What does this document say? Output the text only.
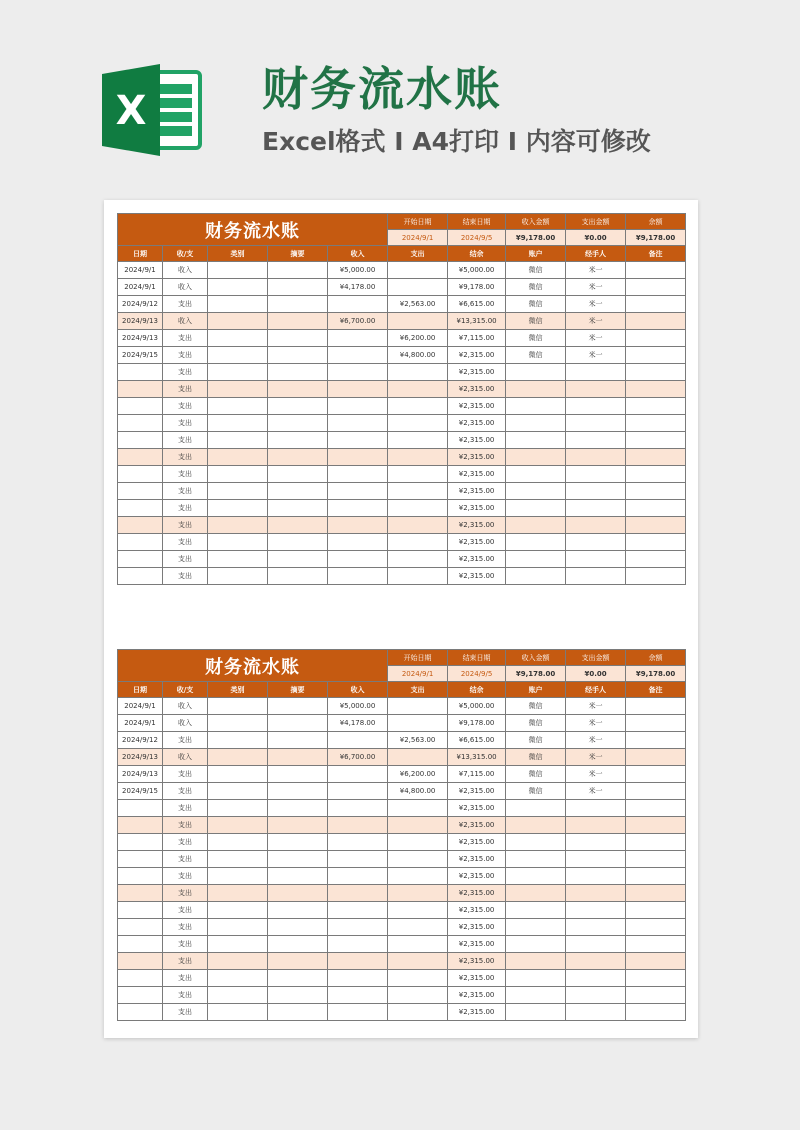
X	财务流水账
Excel格式 I A4打印 I 内容可修改
财务流水账					开始日期	结束日期	收入金额	支出金额	余额
					2024/9/1	2024/9/5	¥9,178.00	¥0.00	¥9,178.00
日期	收/支	类别	摘要	收入	支出	结余	账户	经手人	备注
2024/9/1	收入			¥5,000.00		¥5,000.00	微信	米一	
2024/9/1	收入			¥4,178.00		¥9,178.00	微信	米一	
2024/9/12	支出				¥2,563.00	¥6,615.00	微信	米一	
2024/9/13	收入			¥6,700.00		¥13,315.00	微信	米一	
2024/9/13	支出				¥6,200.00	¥7,115.00	微信	米一	
2024/9/15	支出				¥4,800.00	¥2,315.00	微信	米一	
	支出					¥2,315.00			
	支出					¥2,315.00			
	支出					¥2,315.00			
	支出					¥2,315.00			
	支出					¥2,315.00			
	支出					¥2,315.00			
	支出					¥2,315.00			
	支出					¥2,315.00			
	支出					¥2,315.00			
	支出					¥2,315.00			
	支出					¥2,315.00			
	支出					¥2,315.00			
	支出					¥2,315.00			
财务流水账					开始日期	结束日期	收入金额	支出金额	余额
					2024/9/1	2024/9/5	¥9,178.00	¥0.00	¥9,178.00
日期	收/支	类别	摘要	收入	支出	结余	账户	经手人	备注
2024/9/1	收入			¥5,000.00		¥5,000.00	微信	米一	
2024/9/1	收入			¥4,178.00		¥9,178.00	微信	米一	
2024/9/12	支出				¥2,563.00	¥6,615.00	微信	米一	
2024/9/13	收入			¥6,700.00		¥13,315.00	微信	米一	
2024/9/13	支出				¥6,200.00	¥7,115.00	微信	米一	
2024/9/15	支出				¥4,800.00	¥2,315.00	微信	米一	
	支出					¥2,315.00			
	支出					¥2,315.00			
	支出					¥2,315.00			
	支出					¥2,315.00			
	支出					¥2,315.00			
	支出					¥2,315.00			
	支出					¥2,315.00			
	支出					¥2,315.00			
	支出					¥2,315.00			
	支出					¥2,315.00			
	支出					¥2,315.00			
	支出					¥2,315.00			
	支出					¥2,315.00			
